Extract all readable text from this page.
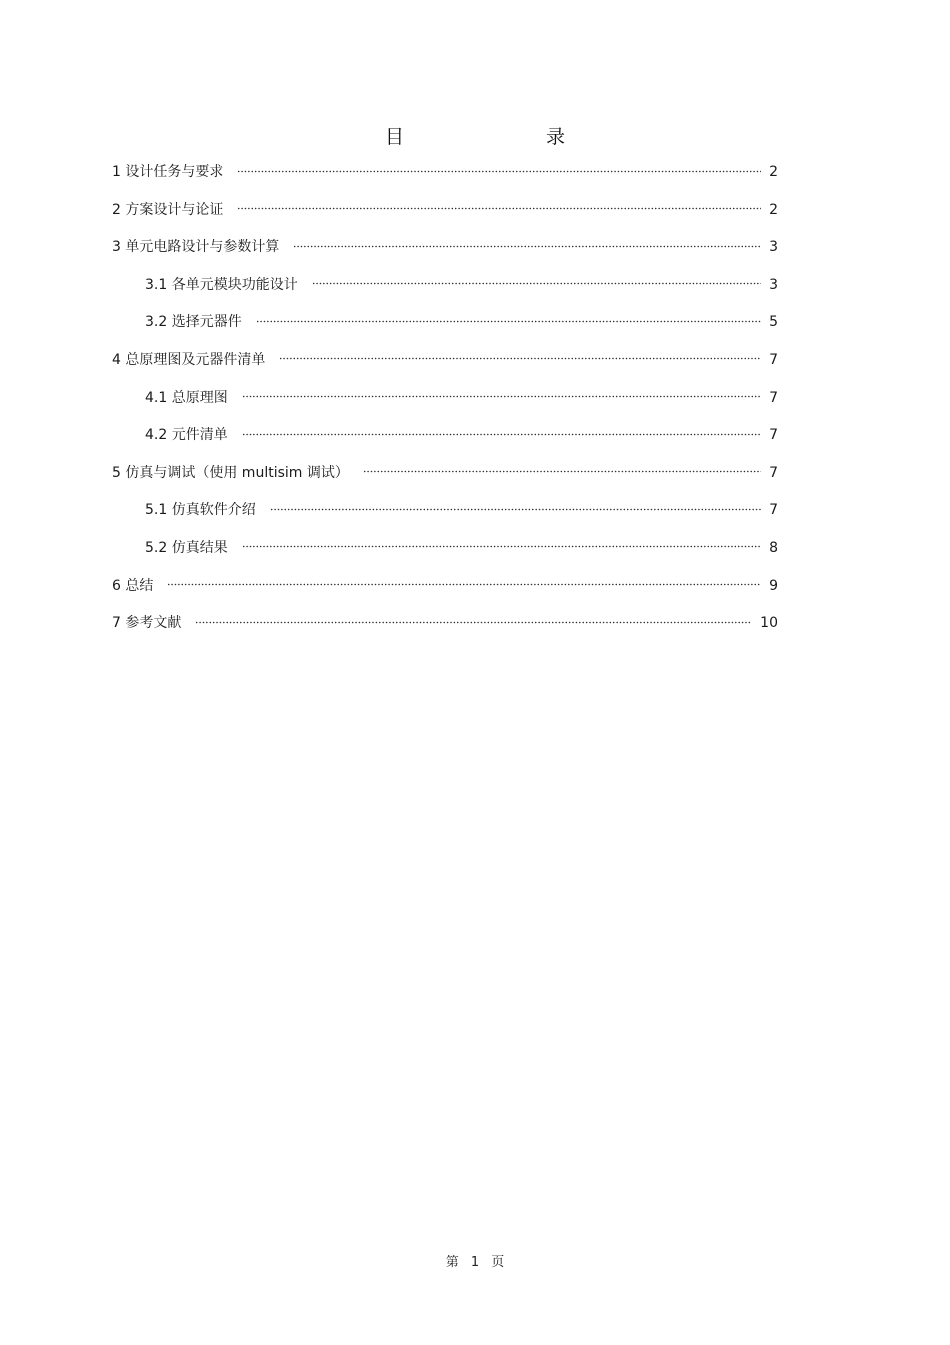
目 录
1 设计任务与要求	2
2 方案设计与论证	2
3 单元电路设计与参数计算	3
3.1 各单元模块功能设计	3
3.2 选择元器件	5
4 总原理图及元器件清单	7
4.1 总原理图	7
4.2 元件清单	7
5 仿真与调试（使用 multisim 调试）	7
5.1 仿真软件介绍	7
5.2 仿真结果	8
6 总结	9
7 参考文献	10
第 1 页
